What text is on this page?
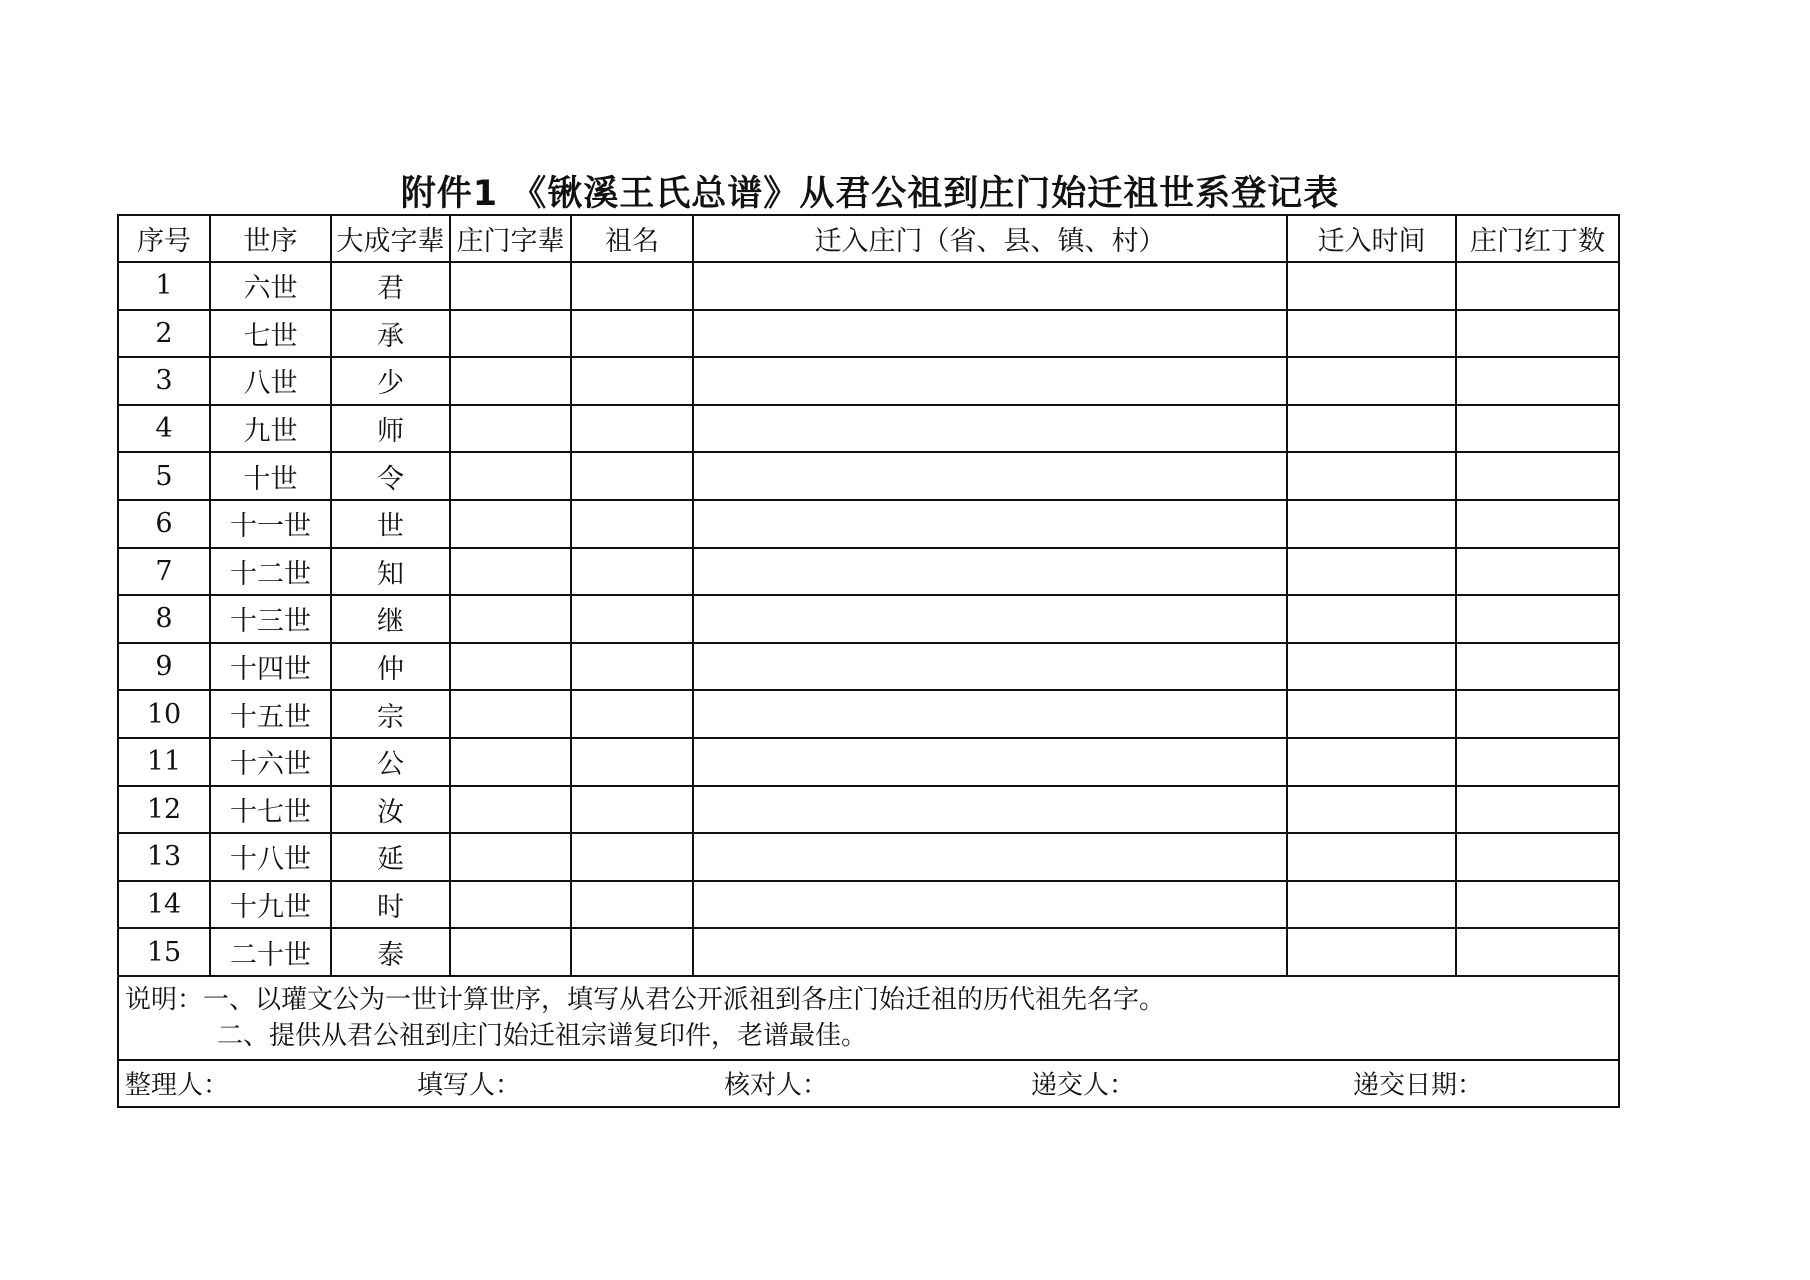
附件1 《锹溪王氏总谱》从君公祖到庄门始迁祖世系登记表
序号	世序	大成字辈	庄门字辈	祖名	迁入庄门（省、县、镇、村）	迁入时间	庄门红丁数
1	六世	君					
2	七世	承					
3	八世	少					
4	九世	师					
5	十世	令					
6	十一世	世					
7	十二世	知					
8	十三世	继					
9	十四世	仲					
10	十五世	宗					
11	十六世	公					
12	十七世	汝					
13	十八世	延					
14	十九世	时					
15	二十世	泰					

说明：一、以瓘文公为一世计算世序，填写从君公开派祖到各庄门始迁祖的历代祖先名字。
二、提供从君公祖到庄门始迁祖宗谱复印件，老谱最佳。							

整理人： 填写人： 核对人： 递交人： 递交日期：							
